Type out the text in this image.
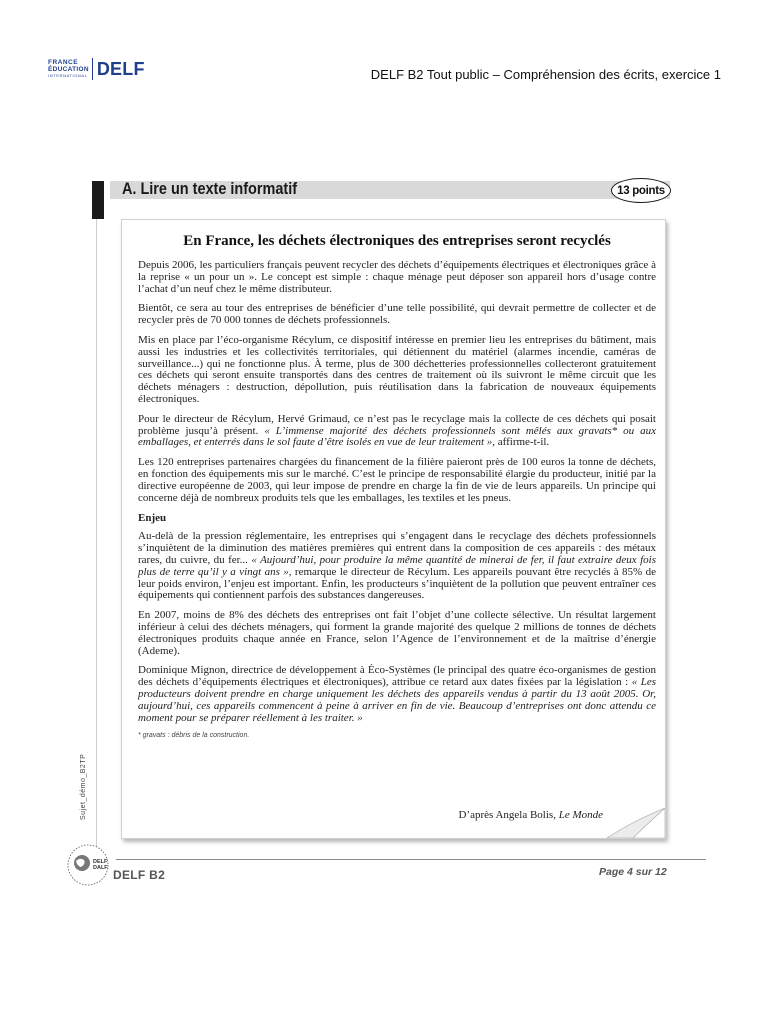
FRANCE
ÉDUCATION
INTERNATIONAL DELF	DELF B2 Tout public – Compréhension des écrits, exercice 1
A. Lire un texte informatif	13 points
En France, les déchets électroniques des entreprises seront recyclés

Depuis 2006, les particuliers français peuvent recycler des déchets d’équipements électriques et électroniques grâce à la reprise « un pour un ». Le concept est simple : chaque ménage peut déposer son appareil hors d’usage contre l’achat d’un neuf chez le même distributeur.

Bientôt, ce sera au tour des entreprises de bénéficier d’une telle possibilité, qui devrait permettre de collecter et de recycler près de 70 000 tonnes de déchets professionnels.

Mis en place par l’éco-organisme Récylum, ce dispositif intéresse en premier lieu les entreprises du bâtiment, mais aussi les industries et les collectivités territoriales, qui détiennent du matériel (alarmes incendie, caméras de surveillance...) qui ne fonctionne plus. À terme, plus de 300 déchetteries professionnelles collecteront gratuitement ces déchets qui seront ensuite transportés dans des centres de traitement où ils suivront le même circuit que les déchets ménagers : destruction, dépollution, puis réutilisation dans la fabrication de nouveaux équipements électroniques.

Pour le directeur de Récylum, Hervé Grimaud, ce n’est pas le recyclage mais la collecte de ces déchets qui posait problème jusqu’à présent. « L’immense majorité des déchets professionnels sont mêlés aux gravats* ou aux emballages, et enterrés dans le sol faute d’être isolés en vue de leur traitement », affirme-t-il.

Les 120 entreprises partenaires chargées du financement de la filière paieront près de 100 euros la tonne de déchets, en fonction des équipements mis sur le marché. C’est le principe de responsabilité élargie du producteur, initié par la directive européenne de 2003, qui leur impose de prendre en charge la fin de vie de leurs appareils. Un principe qui concerne déjà de nombreux produits tels que les emballages, les textiles et les pneus.

Enjeu

Au-delà de la pression réglementaire, les entreprises qui s’engagent dans le recyclage des déchets professionnels s’inquiètent de la diminution des matières premières qui entrent dans la composition de ces appareils : des métaux rares, du cuivre, du fer... « Aujourd’hui, pour produire la même quantité de minerai de fer, il faut extraire deux fois plus de terre qu’il y a vingt ans », remarque le directeur de Récylum. Les appareils pouvant être recyclés à 85% de leur poids environ, l’enjeu est important. Enfin, les producteurs s’inquiètent de la pollution que peuvent entraîner ces équipements qui contiennent parfois des substances dangereuses.

En 2007, moins de 8% des déchets des entreprises ont fait l’objet d’une collecte sélective. Un résultat largement inférieur à celui des déchets ménagers, qui forment la grande majorité des quelque 2 millions de tonnes de déchets électroniques produits chaque année en France, selon l’Agence de l’environnement et de la maîtrise d’énergie (Ademe).

Dominique Mignon, directrice de développement à Éco-Systèmes (le principal des quatre éco-organismes de gestion des déchets d’équipements électriques et électroniques), attribue ce retard aux dates fixées par la législation : « Les producteurs doivent prendre en charge uniquement les déchets des appareils vendus à partir du 13 août 2005. Or, aujourd’hui, ces appareils commencent à peine à arriver en fin de vie. Beaucoup d’entreprises ont donc attendu ce moment pour se préparer réellement à les traiter. »

* gravats : débris de la construction.
D’après Angela Bolis, Le Monde
Sujet_démo_B2TP
DELF
DALF DELF B2	Page 4 sur 12
